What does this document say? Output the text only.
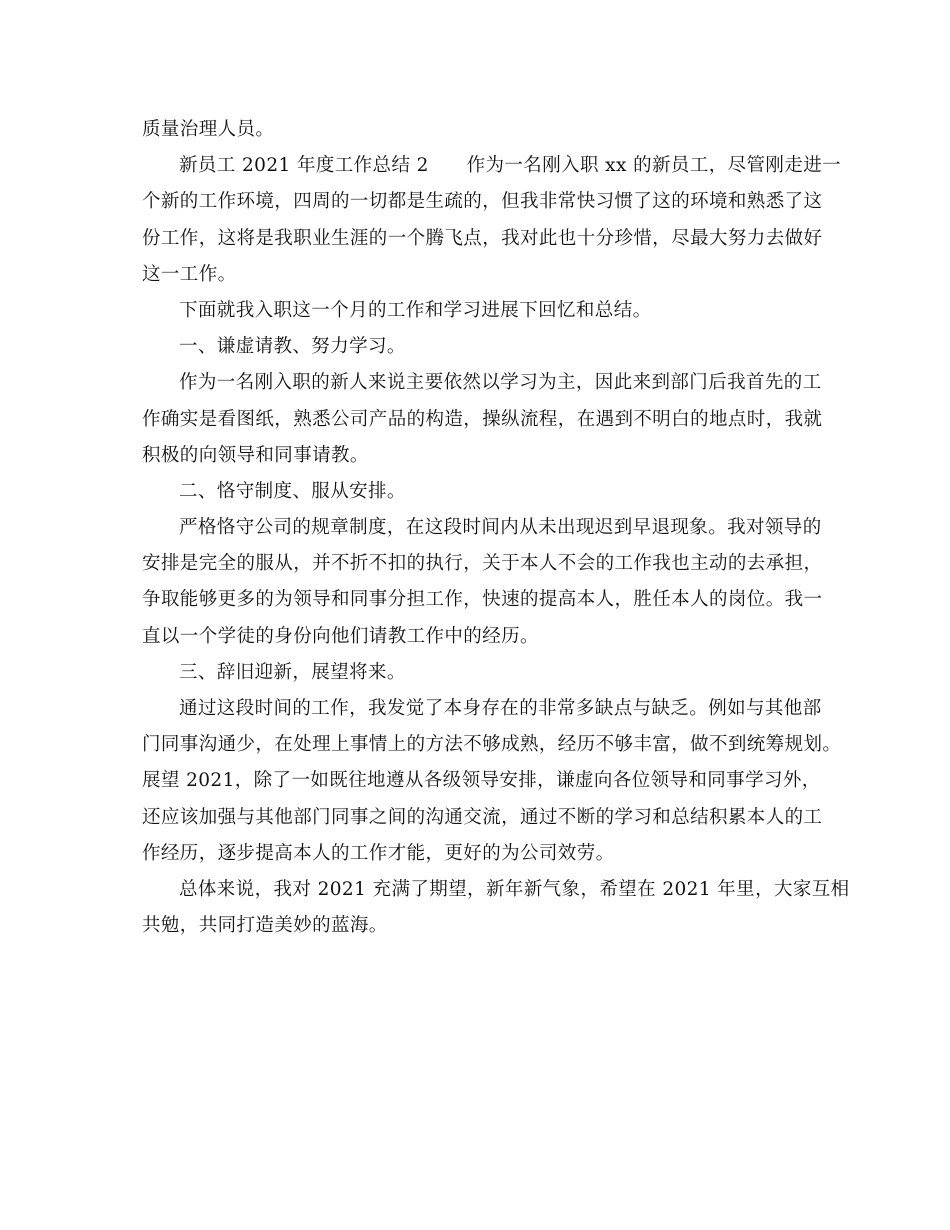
质量治理人员。
新员工 2021 年度工作总结 2　　作为一名刚入职 xx 的新员工，尽管刚走进一
个新的工作环境，四周的一切都是生疏的，但我非常快习惯了这的环境和熟悉了这
份工作，这将是我职业生涯的一个腾飞点，我对此也十分珍惜，尽最大努力去做好
这一工作。
下面就我入职这一个月的工作和学习进展下回忆和总结。
一、谦虚请教、努力学习。
作为一名刚入职的新人来说主要依然以学习为主，因此来到部门后我首先的工
作确实是看图纸，熟悉公司产品的构造，操纵流程，在遇到不明白的地点时，我就
积极的向领导和同事请教。
二、恪守制度、服从安排。
严格恪守公司的规章制度，在这段时间内从未出现迟到早退现象。我对领导的
安排是完全的服从，并不折不扣的执行，关于本人不会的工作我也主动的去承担，
争取能够更多的为领导和同事分担工作，快速的提高本人，胜任本人的岗位。我一
直以一个学徒的身份向他们请教工作中的经历。
三、辞旧迎新，展望将来。
通过这段时间的工作，我发觉了本身存在的非常多缺点与缺乏。例如与其他部
门同事沟通少，在处理上事情上的方法不够成熟，经历不够丰富，做不到统筹规划。
展望 2021，除了一如既往地遵从各级领导安排，谦虚向各位领导和同事学习外，
还应该加强与其他部门同事之间的沟通交流，通过不断的学习和总结积累本人的工
作经历，逐步提高本人的工作才能，更好的为公司效劳。
总体来说，我对 2021 充满了期望，新年新气象，希望在 2021 年里，大家互相
共勉，共同打造美妙的蓝海。
